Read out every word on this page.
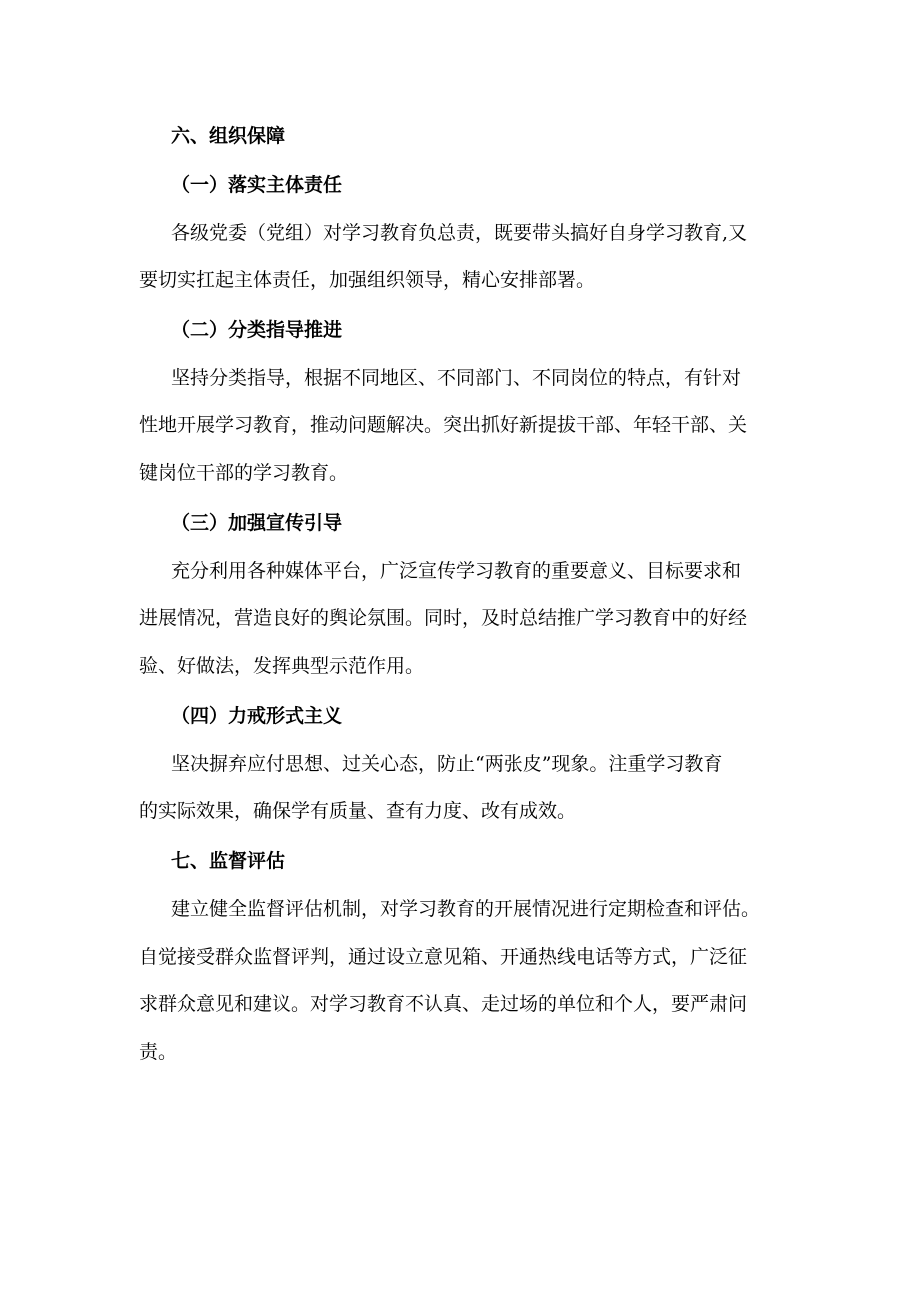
六、组织保障
（一）落实主体责任
各级党委（党组）对学习教育负总责，既要带头搞好自身学习教育,又
要切实扛起主体责任，加强组织领导，精心安排部署。
（二）分类指导推进
坚持分类指导，根据不同地区、不同部门、不同岗位的特点，有针对
性地开展学习教育，推动问题解决。突出抓好新提拔干部、年轻干部、关
键岗位干部的学习教育。
（三）加强宣传引导
充分利用各种媒体平台，广泛宣传学习教育的重要意义、目标要求和
进展情况，营造良好的舆论氛围。同时，及时总结推广学习教育中的好经
验、好做法，发挥典型示范作用。
（四）力戒形式主义
坚决摒弃应付思想、过关心态，防止“两张皮”现象。注重学习教育
的实际效果，确保学有质量、查有力度、改有成效。
七、监督评估
建立健全监督评估机制，对学习教育的开展情况进行定期检查和评估。
自觉接受群众监督评判，通过设立意见箱、开通热线电话等方式，广泛征
求群众意见和建议。对学习教育不认真、走过场的单位和个人，要严肃问
责。
